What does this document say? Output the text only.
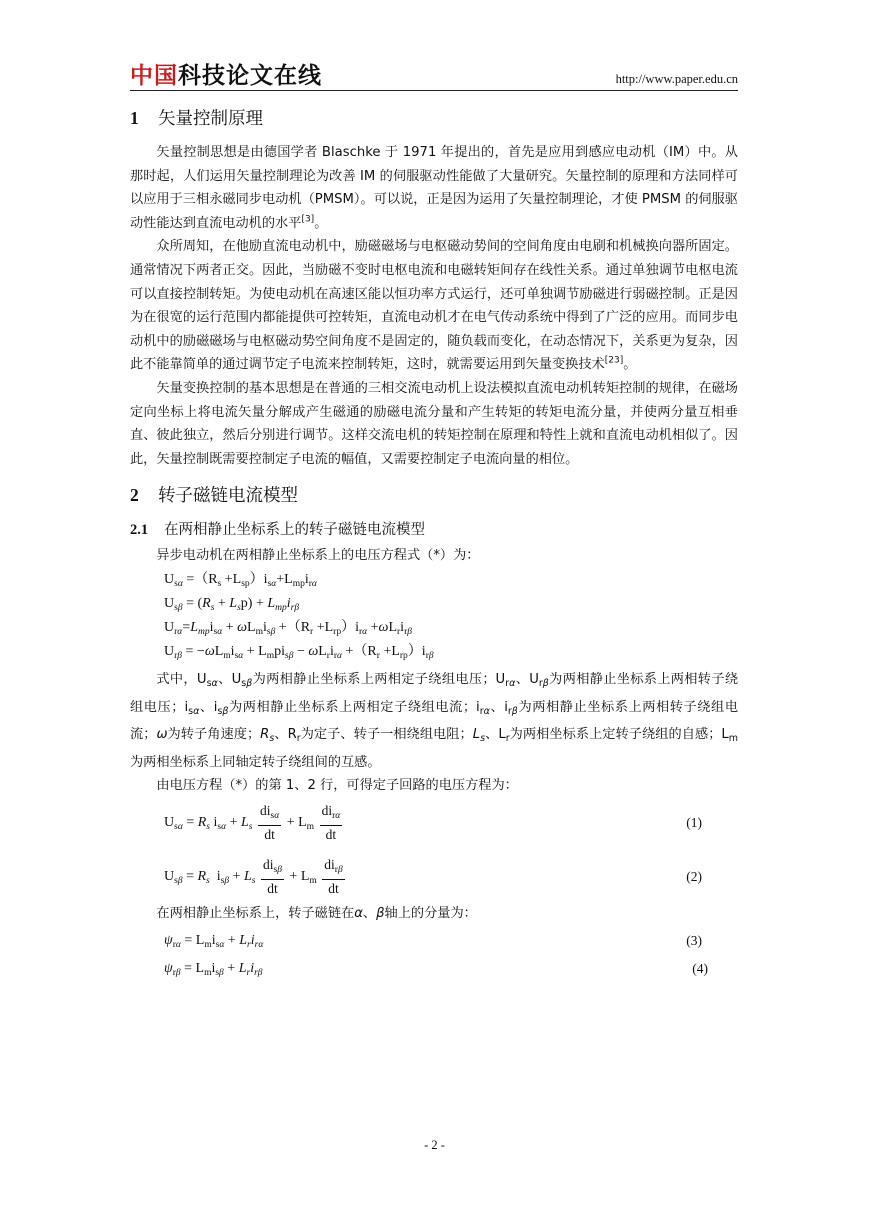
中国科技论文在线	http://www.paper.edu.cn
1 矢量控制原理

矢量控制思想是由德国学者 Blaschke 于 1971 年提出的，首先是应用到感应电动机（IM）中。从那时起，人们运用矢量控制理论为改善 IM 的伺服驱动性能做了大量研究。矢量控制的原理和方法同样可以应用于三相永磁同步电动机（PMSM）。可以说，正是因为运用了矢量控制理论，才使 PMSM 的伺服驱动性能达到直流电动机的水平[3]。

众所周知，在他励直流电动机中，励磁磁场与电枢磁动势间的空间角度由电刷和机械换向器所固定。通常情况下两者正交。因此，当励磁不变时电枢电流和电磁转矩间存在线性关系。通过单独调节电枢电流可以直接控制转矩。为使电动机在高速区能以恒功率方式运行，还可单独调节励磁进行弱磁控制。正是因为在很宽的运行范围内都能提供可控转矩，直流电动机才在电气传动系统中得到了广泛的应用。而同步电动机中的励磁磁场与电枢磁动势空间角度不是固定的，随负载而变化，在动态情况下，关系更为复杂，因此不能靠简单的通过调节定子电流来控制转矩，这时，就需要运用到矢量变换技术[23]。

矢量变换控制的基本思想是在普通的三相交流电动机上设法模拟直流电动机转矩控制的规律，在磁场定向坐标上将电流矢量分解成产生磁通的励磁电流分量和产生转矩的转矩电流分量，并使两分量互相垂直、彼此独立，然后分别进行调节。这样交流电机的转矩控制在原理和特性上就和直流电动机相似了。因此，矢量控制既需要控制定子电流的幅值，又需要控制定子电流向量的相位。

2 转子磁链电流模型
2.1 在两相静止坐标系上的转子磁链电流模型

异步电动机在两相静止坐标系上的电压方程式（*）为：

$U_{s\alpha} =(R_s +L_{sp})i_{s\alpha}+L_{mp}i_{r\alpha}$
$U_{s\beta} = (R_s + L_sp) + L_{mp}i_{r\beta}$
$U_{r\alpha}=L_{mp}i_{s\alpha} + \omega L_mi_{s\beta} +(R_r +L_{rp})i_{r\alpha} +\omega L_ri_{r\beta}$
$U_{r\beta} = -\omega L_mi_{s\alpha} + L_mpi_{s\beta} - \omega L_ri_{r\alpha} +(R_r +L_{rp})i_{r\beta}$

式中，$U_{s\alpha}$、$U_{s\beta}$为两相静止坐标系上两相定子绕组电压；$U_{r\alpha}$、$U_{r\beta}$为两相静止坐标系上两相转子绕组电压；$i_{s\alpha}$、$i_{s\beta}$为两相静止坐标系上两相定子绕组电流；$i_{r\alpha}$、$i_{r\beta}$为两相静止坐标系上两相转子绕组电流；ω为转子角速度；$R_s$、$R_r$为定子、转子一相绕组电阻；$L_s$、$L_r$为两相坐标系上定转子绕组的自感；$L_m$为两相坐标系上同轴定转子绕组间的互感。

由电压方程（*）的第 1、2 行，可得定子回路的电压方程为：

$U_{s\alpha} = R_s$ $i_{s\alpha} + L_s \frac{di_{s\alpha}}{dt} + L_m \frac{di_{r\alpha}}{dt}$	(1)
$U_{s\beta} = R_s$  $i_{s\beta} + L_s \frac{di_{s\beta}}{dt} + L_m \frac{di_{r\beta}}{dt}$	(2)

在两相静止坐标系上，转子磁链在α、β轴上的分量为：

$\psi_{r\alpha} = L_mi_{s\alpha} + L_ri_{r\alpha}$	(3)
$\psi_{r\beta} = L_mi_{s\beta} + L_ri_{r\beta}$	(4)
- 2 -
